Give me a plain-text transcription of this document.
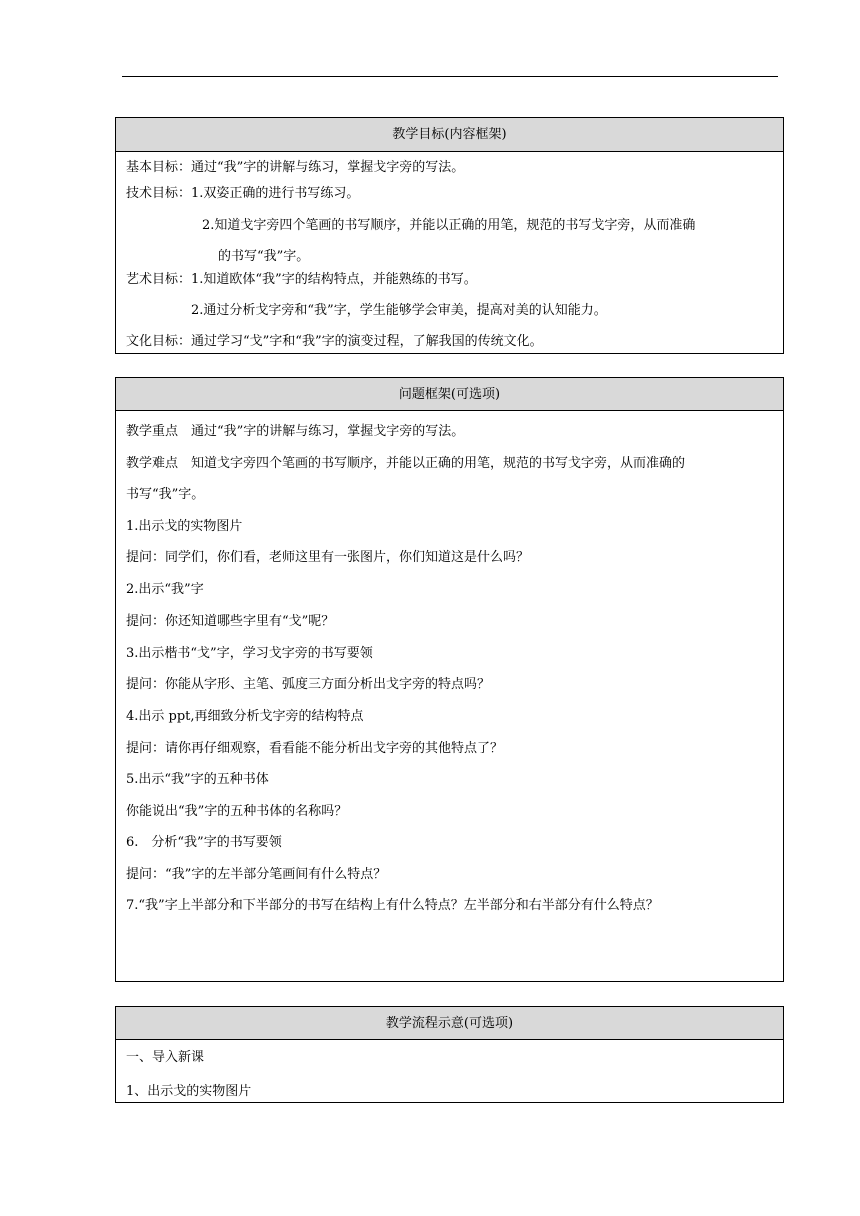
教学目标(内容框架)
基本目标：通过“我”字的讲解与练习，掌握戈字旁的写法。
技术目标：1.双姿正确的进行书写练习。
2.知道戈字旁四个笔画的书写顺序，并能以正确的用笔，规范的书写戈字旁，从而准确
的书写“我”字。
艺术目标：1.知道欧体“我”字的结构特点，并能熟练的书写。
2.通过分析戈字旁和“我”字，学生能够学会审美，提高对美的认知能力。
文化目标：通过学习“戈”字和“我”字的演变过程，了解我国的传统文化。
问题框架(可选项)
教学重点　通过“我”字的讲解与练习，掌握戈字旁的写法。
教学难点　知道戈字旁四个笔画的书写顺序，并能以正确的用笔，规范的书写戈字旁，从而准确的
书写“我”字。
1.出示戈的实物图片
提问：同学们，你们看，老师这里有一张图片，你们知道这是什么吗？
2.出示“我”字
提问：你还知道哪些字里有“戈”呢？
3.出示楷书“戈”字，学习戈字旁的书写要领
提问：你能从字形、主笔、弧度三方面分析出戈字旁的特点吗？
4.出示 ppt,再细致分析戈字旁的结构特点
提问：请你再仔细观察，看看能不能分析出戈字旁的其他特点了？
5.出示“我”字的五种书体
你能说出“我”字的五种书体的名称吗？
6.　分析“我”字的书写要领
提问：“我”字的左半部分笔画间有什么特点？
7.“我”字上半部分和下半部分的书写在结构上有什么特点？左半部分和右半部分有什么特点？
教学流程示意(可选项)
一、导入新课
1、出示戈的实物图片
